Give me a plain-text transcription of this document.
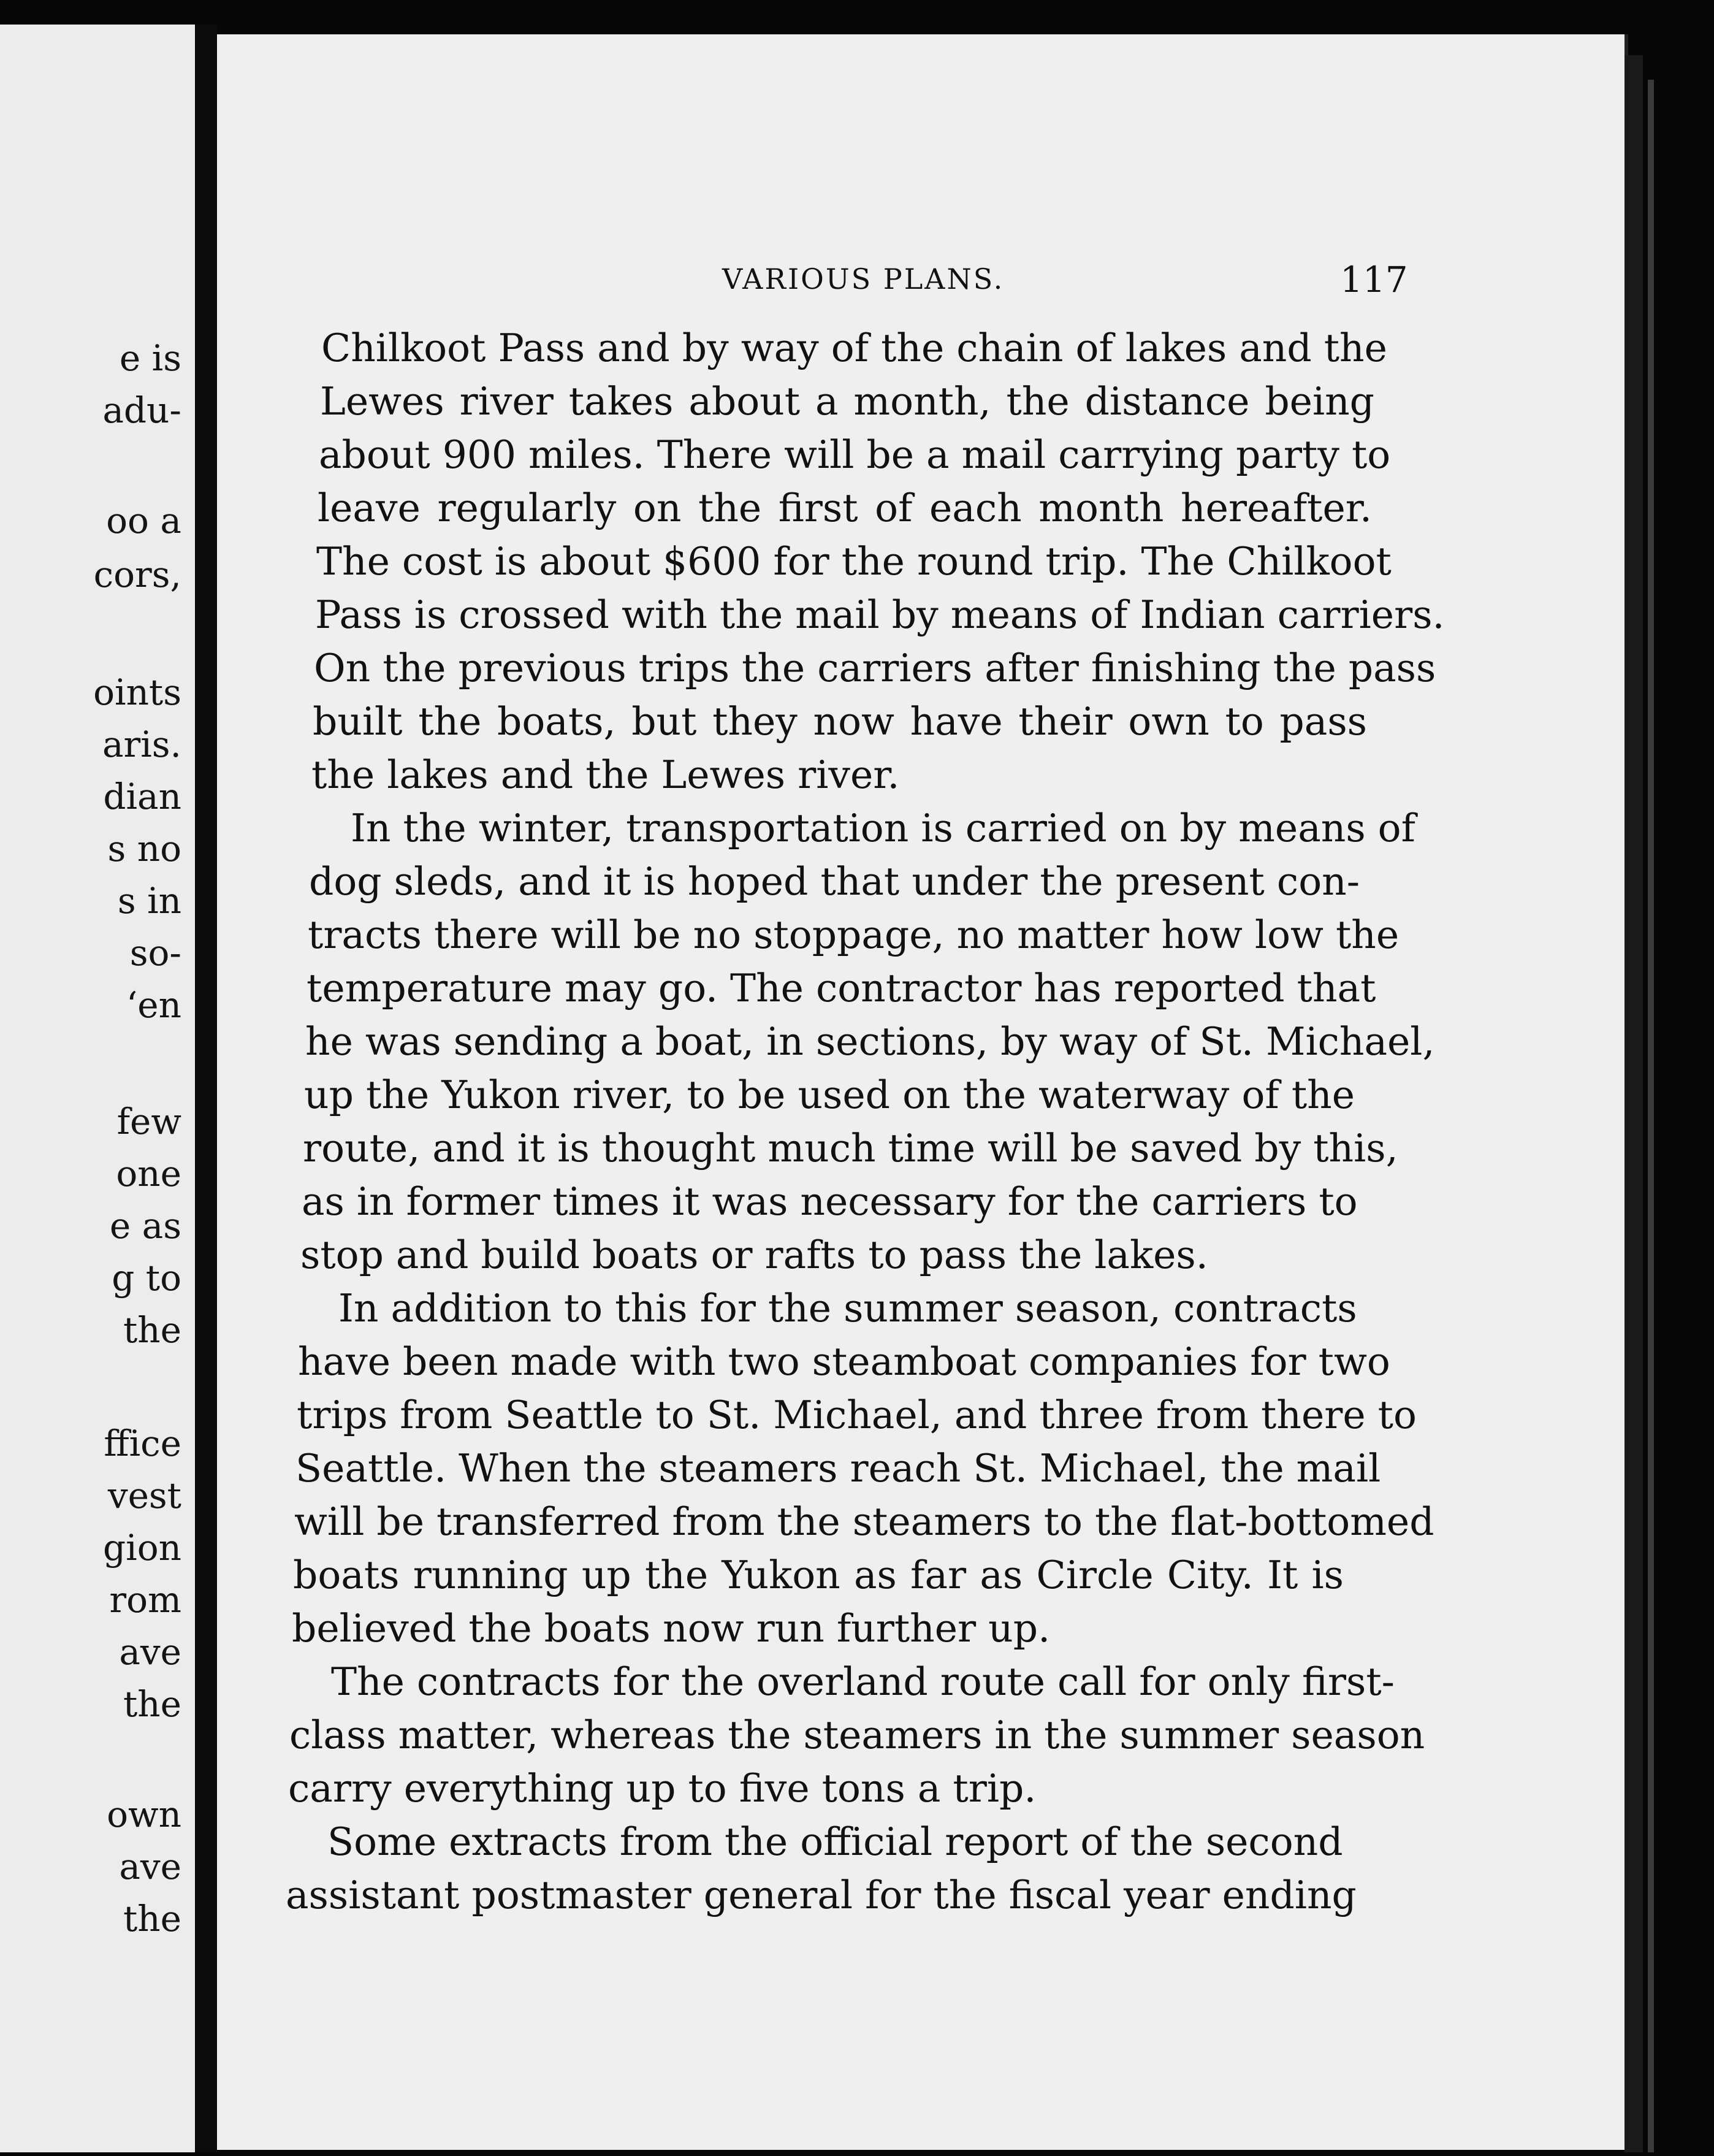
e is
adu-
oo a
cors,
oints
aris.
dian
s no
s in
so-
‘en
few
one
e as
g to
the
ffice
vest
gion
rom
ave
the
own
ave
the
VARIOUS PLANS.	117
Chilkoot Pass and by way of the chain of lakes and the
Lewes river takes about a month, the distance being
about 900 miles. There will be a mail carrying party to
leave regularly on the first of each month hereafter.
The cost is about $600 for the round trip. The Chilkoot
Pass is crossed with the mail by means of Indian carriers.
On the previous trips the carriers after finishing the pass
built the boats, but they now have their own to pass
the lakes and the Lewes river.
In the winter, transportation is carried on by means of
dog sleds, and it is hoped that under the present con-
tracts there will be no stoppage, no matter how low the
temperature may go. The contractor has reported that
he was sending a boat, in sections, by way of St. Michael,
up the Yukon river, to be used on the waterway of the
route, and it is thought much time will be saved by this,
as in former times it was necessary for the carriers to
stop and build boats or rafts to pass the lakes.
In addition to this for the summer season, contracts
have been made with two steamboat companies for two
trips from Seattle to St. Michael, and three from there to
Seattle. When the steamers reach St. Michael, the mail
will be transferred from the steamers to the flat-bottomed
boats running up the Yukon as far as Circle City. It is
believed the boats now run further up.
The contracts for the overland route call for only first-
class matter, whereas the steamers in the summer season
carry everything up to five tons a trip.
Some extracts from the official report of the second
assistant postmaster general for the fiscal year ending
